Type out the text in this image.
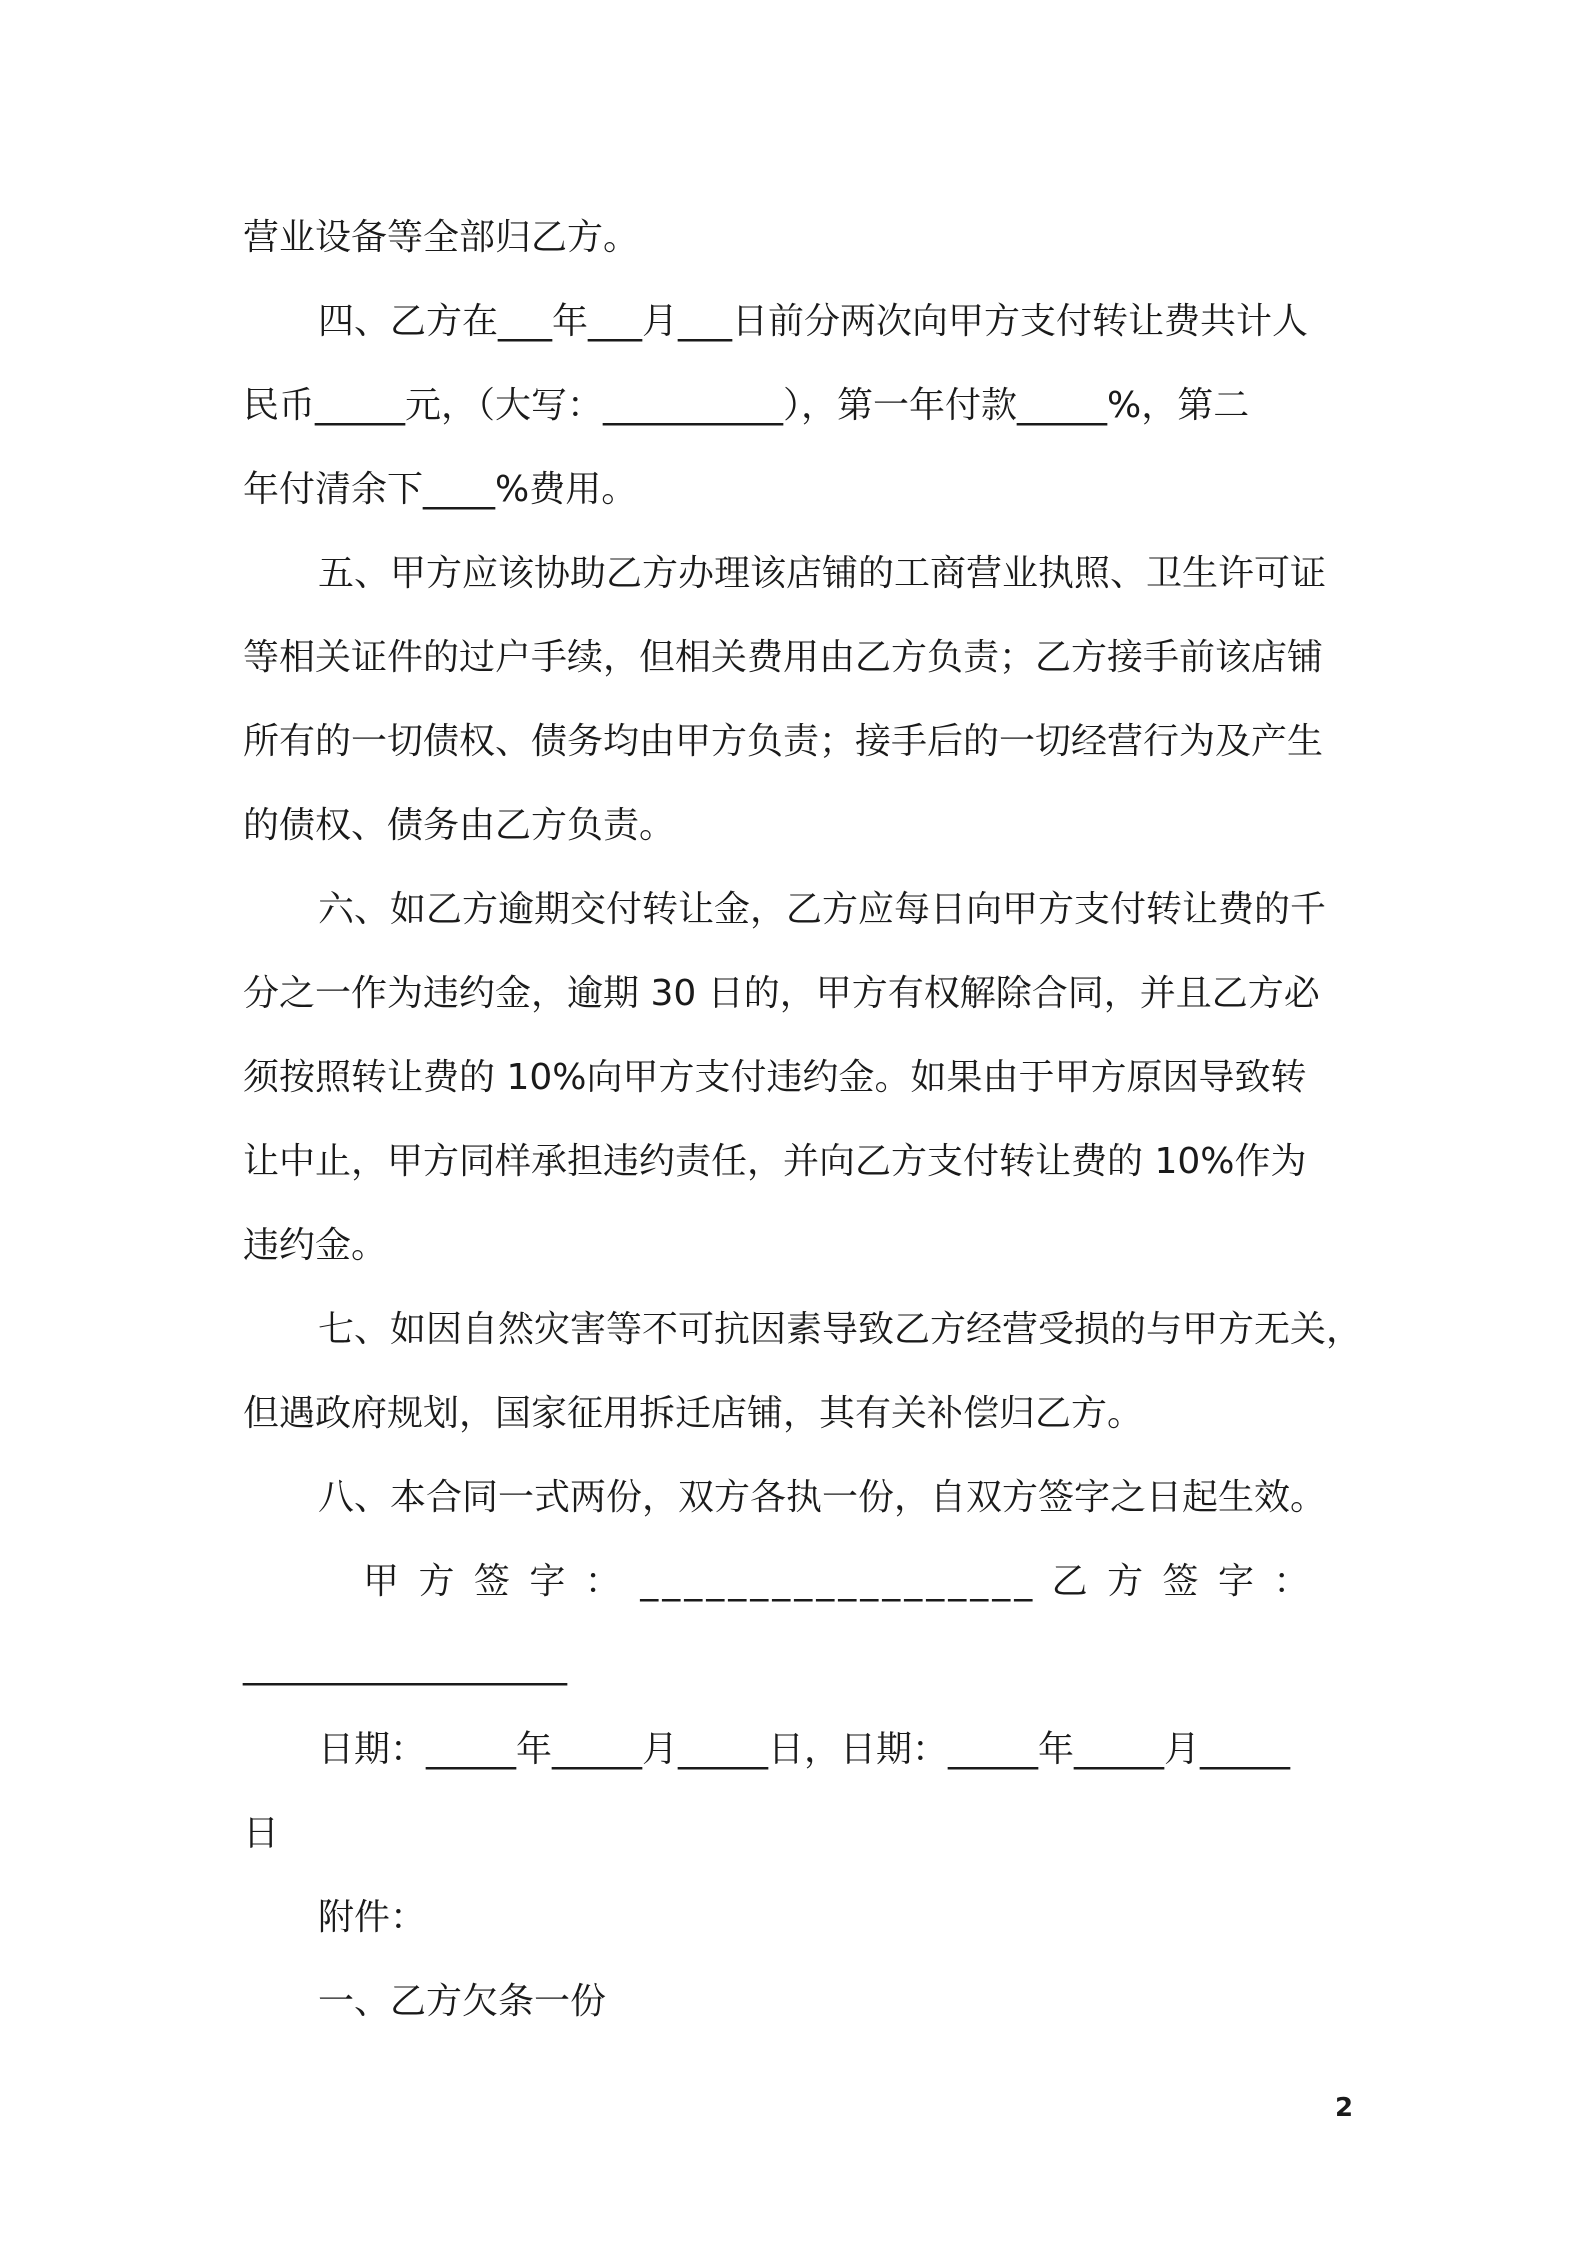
营业设备等全部归乙方。
四、乙方在___年___月___日前分两次向甲方支付转让费共计人
民币_____元，（大写：__________），第一年付款_____%，第二
年付清余下____%费用。
五、甲方应该协助乙方办理该店铺的工商营业执照、卫生许可证
等相关证件的过户手续，但相关费用由乙方负责；乙方接手前该店铺
所有的一切债权、债务均由甲方负责；接手后的一切经营行为及产生
的债权、债务由乙方负责。
六、如乙方逾期交付转让金，乙方应每日向甲方支付转让费的千
分之一作为违约金，逾期 30 日的，甲方有权解除合同，并且乙方必
须按照转让费的 10%向甲方支付违约金。如果由于甲方原因导致转
让中止，甲方同样承担违约责任，并向乙方支付转让费的 10%作为
违约金。
七、如因自然灾害等不可抗因素导致乙方经营受损的与甲方无关，
但遇政府规划，国家征用拆迁店铺，其有关补偿归乙方。
八、本合同一式两份，双方各执一份，自双方签字之日起生效。
甲 方 签 字 ： __________________ 乙 方 签 字 ：
__________________
日期：_____年_____月_____日，日期：_____年_____月_____
日
附件：
一、乙方欠条一份
2
